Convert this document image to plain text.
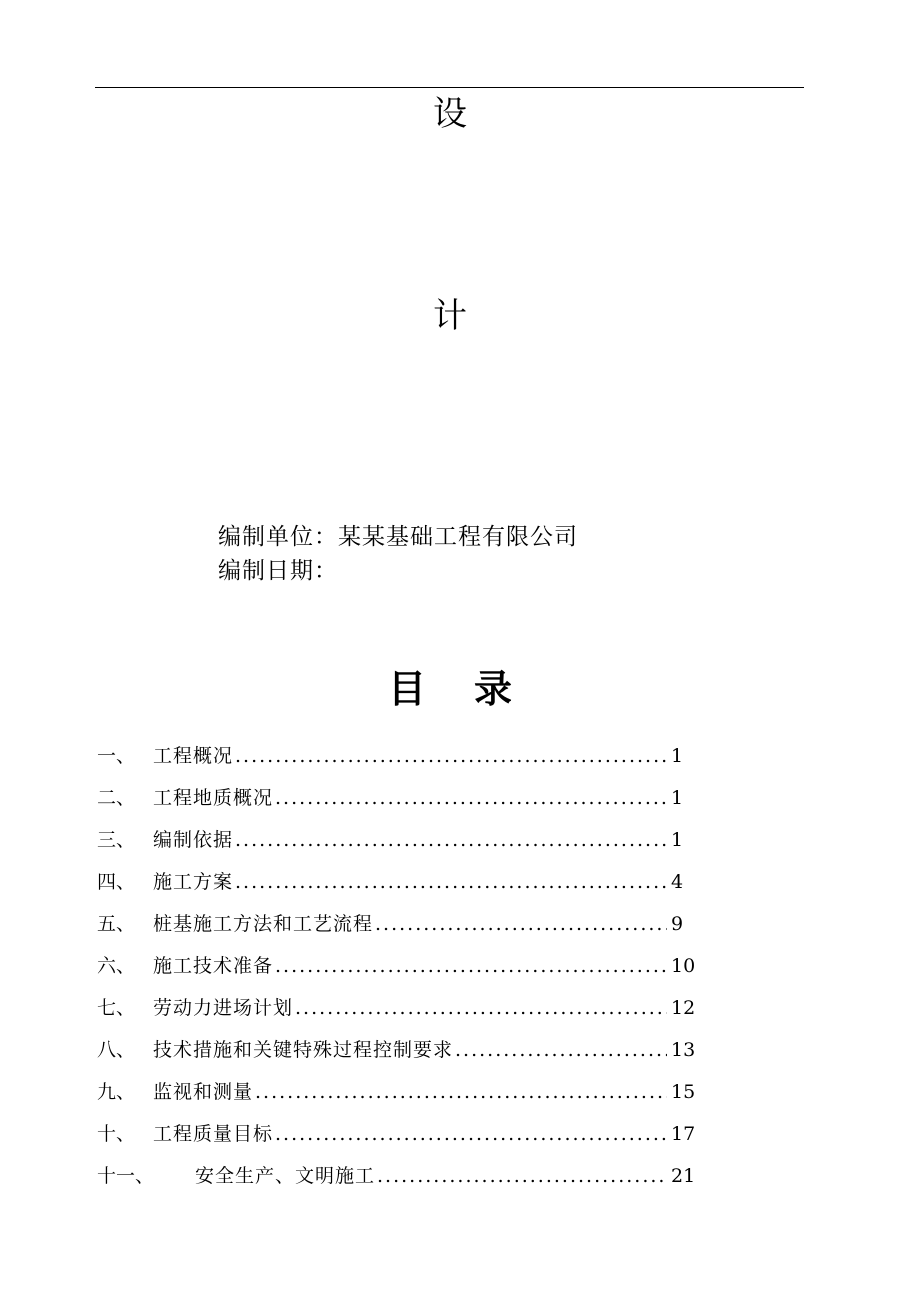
设
计
编制单位：某某基础工程有限公司
编制日期：
目录
一、 工程概况 .....	1
二、 工程地质概况 .....	1
三、 编制依据 .....	1
四、 施工方案 .....	4
五、 桩基施工方法和工艺流程 .....	9
六、 施工技术准备 .....	10
七、 劳动力进场计划 .....	12
八、 技术措施和关键特殊过程控制要求 .....	13
九、 监视和测量 .....	15
十、 工程质量目标 .....	17
十一、	安全生产、文明施工 .....	21
